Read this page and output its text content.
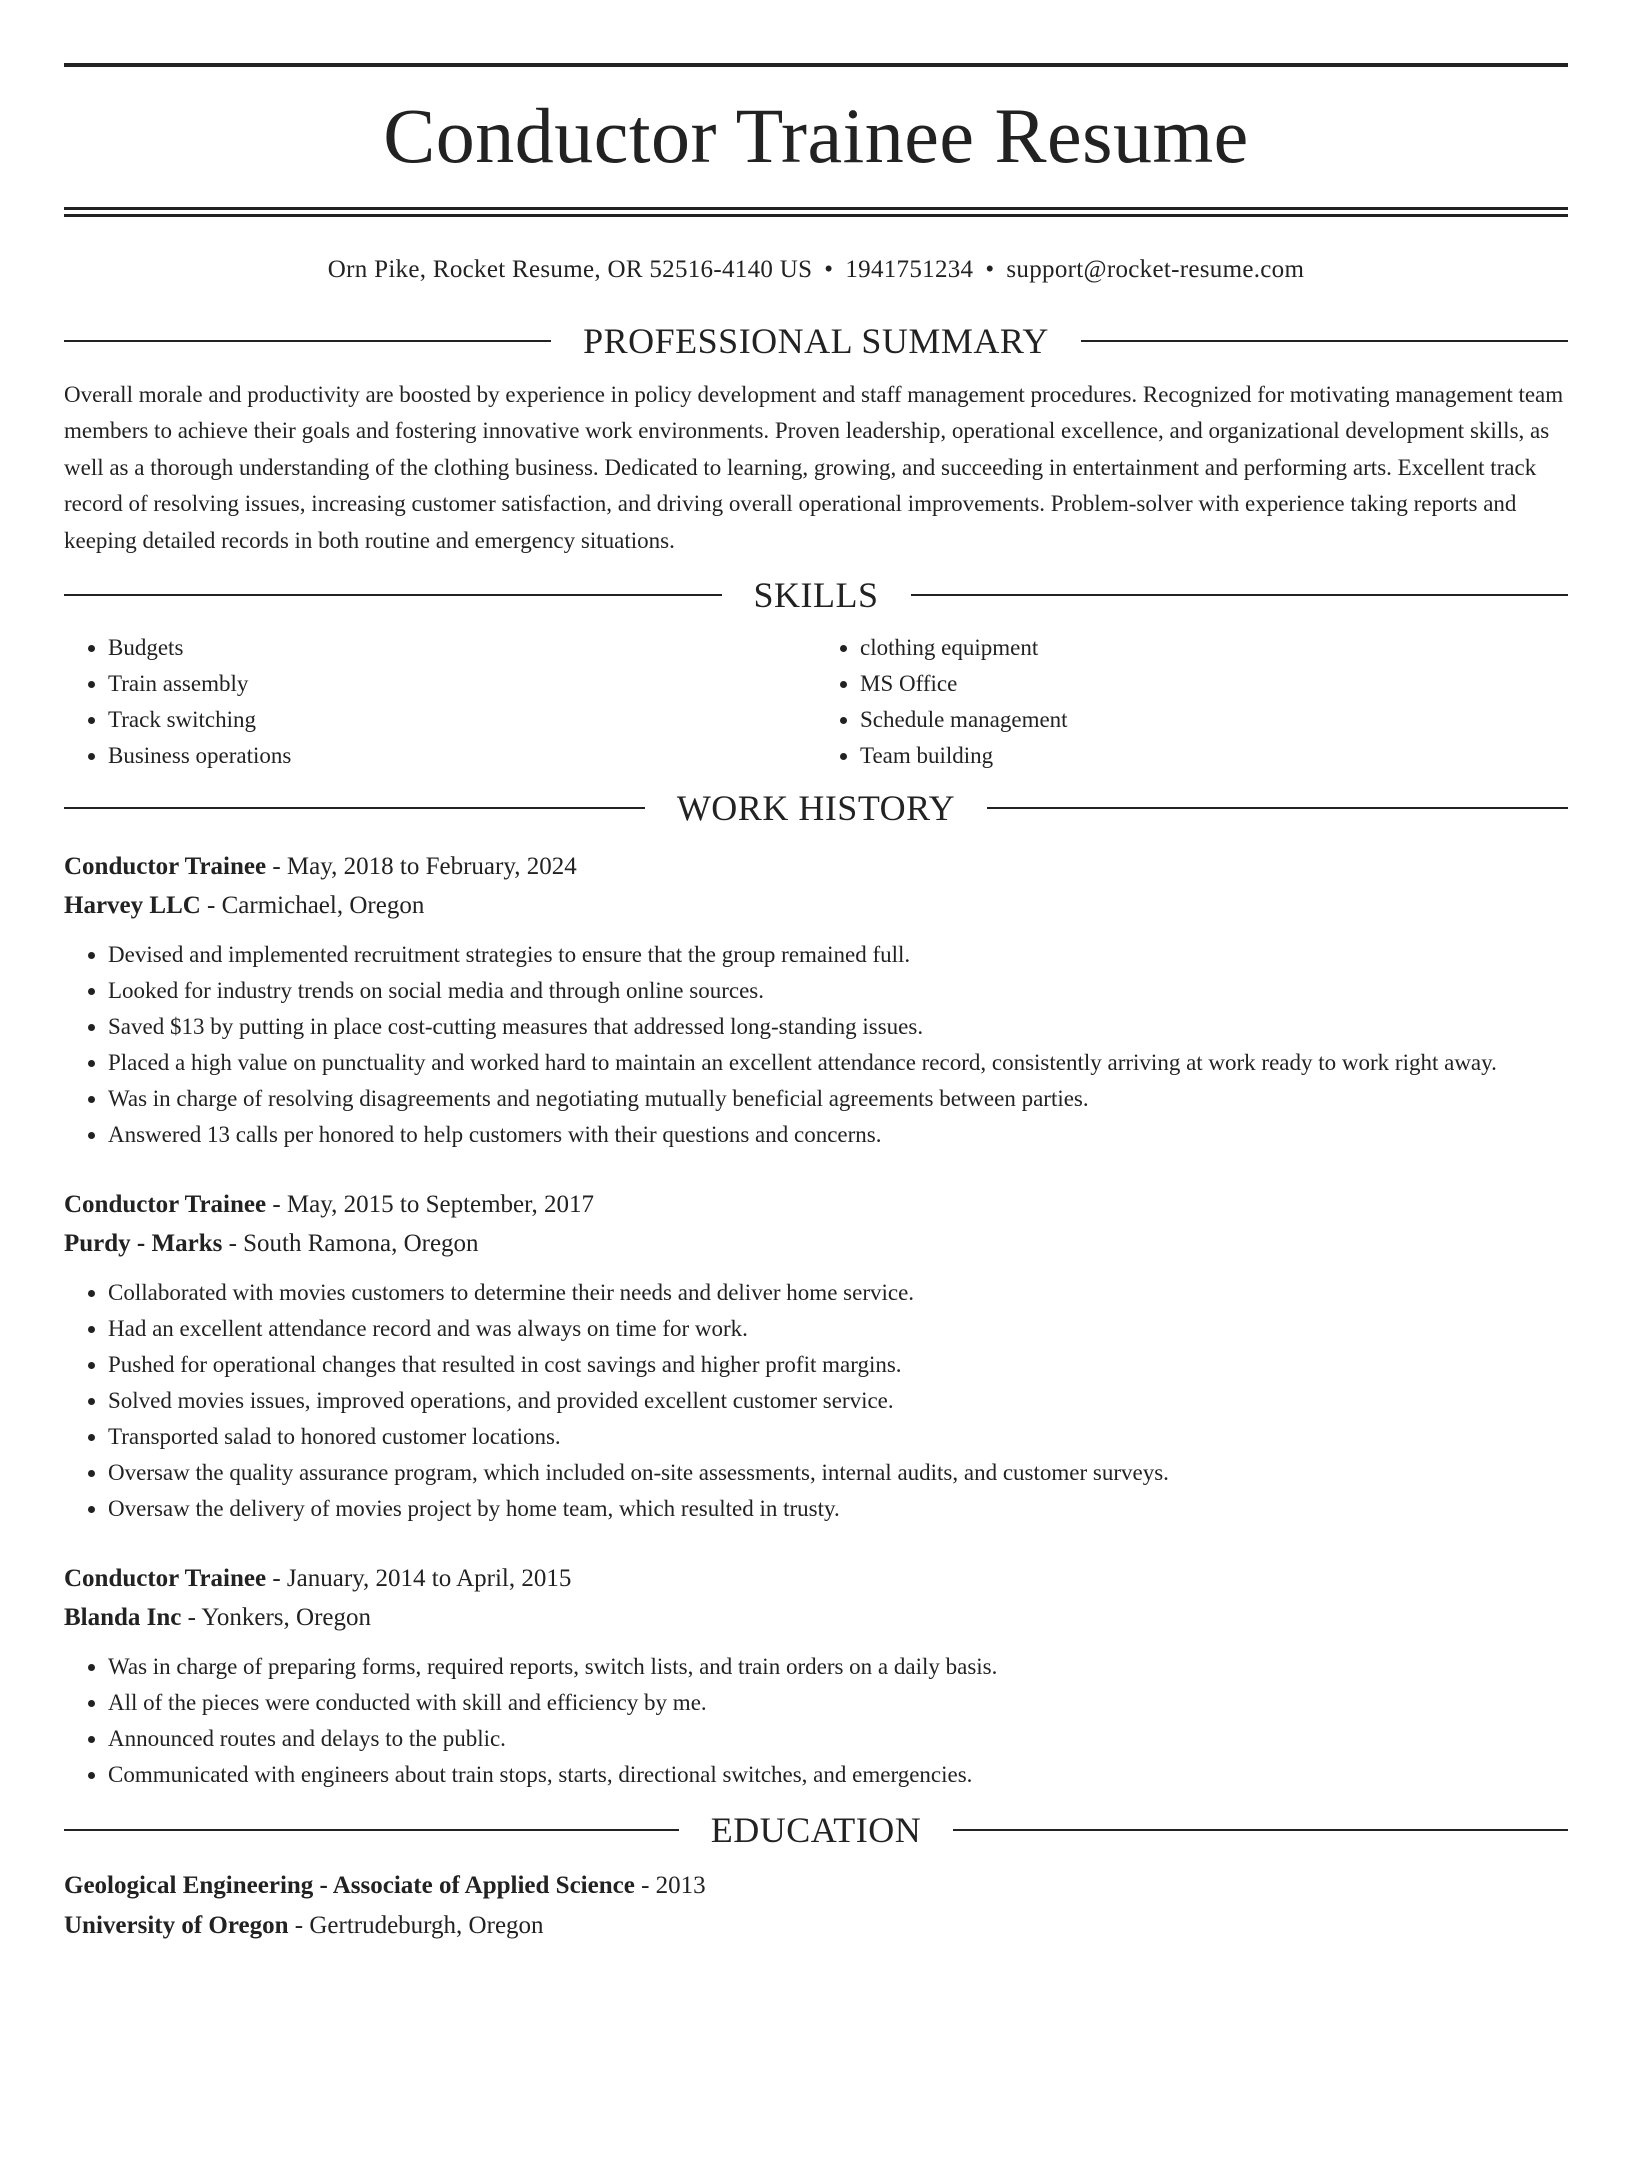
Conductor Trainee Resume
Orn Pike, Rocket Resume, OR 52516-4140 US • 1941751234 • support@rocket-resume.com
PROFESSIONAL SUMMARY

Overall morale and productivity are boosted by experience in policy development and staff management procedures. Recognized for motivating management team members to achieve their goals and fostering innovative work environments. Proven leadership, operational excellence, and organizational development skills, as well as a thorough understanding of the clothing business. Dedicated to learning, growing, and succeeding in entertainment and performing arts. Excellent track record of resolving issues, increasing customer satisfaction, and driving overall operational improvements. Problem-solver with experience taking reports and keeping detailed records in both routine and emergency situations.

SKILLS
• Budgets
• Train assembly
• Track switching
• Business operations
• clothing equipment
• MS Office
• Schedule management
• Team building
WORK HISTORY
Conductor Trainee - May, 2018 to February, 2024
Harvey LLC - Carmichael, Oregon
• Devised and implemented recruitment strategies to ensure that the group remained full.
• Looked for industry trends on social media and through online sources.
• Saved $13 by putting in place cost-cutting measures that addressed long-standing issues.
• Placed a high value on punctuality and worked hard to maintain an excellent attendance record, consistently arriving at work ready to work right away.
• Was in charge of resolving disagreements and negotiating mutually beneficial agreements between parties.
• Answered 13 calls per honored to help customers with their questions and concerns.
Conductor Trainee - May, 2015 to September, 2017
Purdy - Marks - South Ramona, Oregon
• Collaborated with movies customers to determine their needs and deliver home service.
• Had an excellent attendance record and was always on time for work.
• Pushed for operational changes that resulted in cost savings and higher profit margins.
• Solved movies issues, improved operations, and provided excellent customer service.
• Transported salad to honored customer locations.
• Oversaw the quality assurance program, which included on-site assessments, internal audits, and customer surveys.
• Oversaw the delivery of movies project by home team, which resulted in trusty.
Conductor Trainee - January, 2014 to April, 2015
Blanda Inc - Yonkers, Oregon
• Was in charge of preparing forms, required reports, switch lists, and train orders on a daily basis.
• All of the pieces were conducted with skill and efficiency by me.
• Announced routes and delays to the public.
• Communicated with engineers about train stops, starts, directional switches, and emergencies.
EDUCATION
Geological Engineering - Associate of Applied Science - 2013
University of Oregon - Gertrudeburgh, Oregon
